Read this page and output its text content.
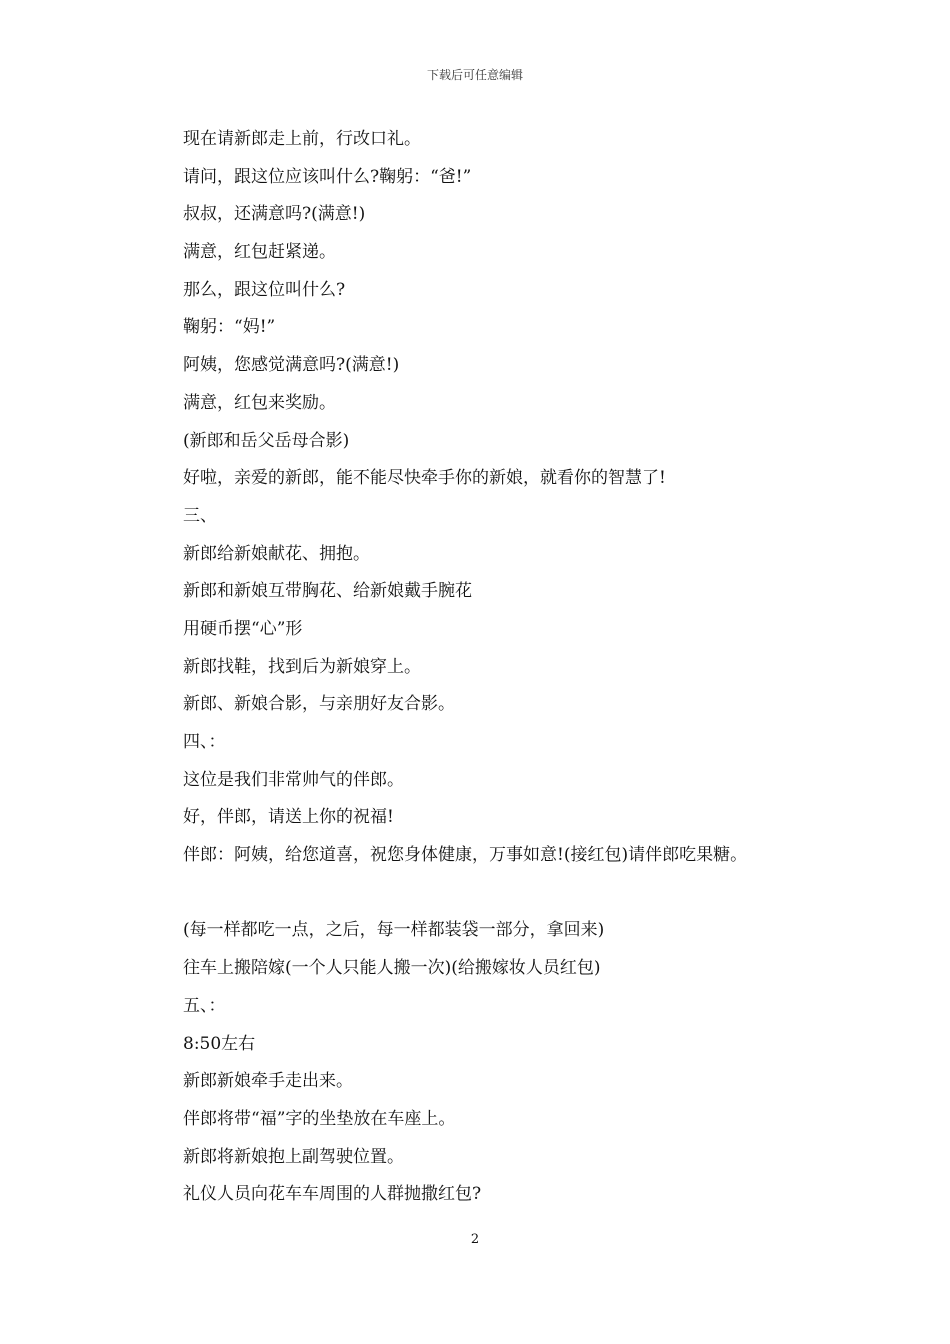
下载后可任意编辑
现在请新郎走上前，行改口礼。
请问，跟这位应该叫什么?鞠躬：“爸!”
叔叔，还满意吗?(满意!)
满意，红包赶紧递。
那么，跟这位叫什么?
鞠躬：“妈!”
阿姨，您感觉满意吗?(满意!)
满意，红包来奖励。
(新郎和岳父岳母合影)
好啦，亲爱的新郎，能不能尽快牵手你的新娘，就看你的智慧了!
三、
新郎给新娘献花、拥抱。
新郎和新娘互带胸花、给新娘戴手腕花
用硬币摆“心”形
新郎找鞋，找到后为新娘穿上。
新郎、新娘合影，与亲朋好友合影。
四、：
这位是我们非常帅气的伴郎。
好，伴郎，请送上你的祝福!
伴郎：阿姨，给您道喜，祝您身体健康，万事如意!(接红包)请伴郎吃果糖。
(每一样都吃一点，之后，每一样都装袋一部分，拿回来)
往车上搬陪嫁(一个人只能人搬一次)(给搬嫁妆人员红包)
五、：
8:50左右
新郎新娘牵手走出来。
伴郎将带“福”字的坐垫放在车座上。
新郎将新娘抱上副驾驶位置。
礼仪人员向花车车周围的人群抛撒红包?
2
